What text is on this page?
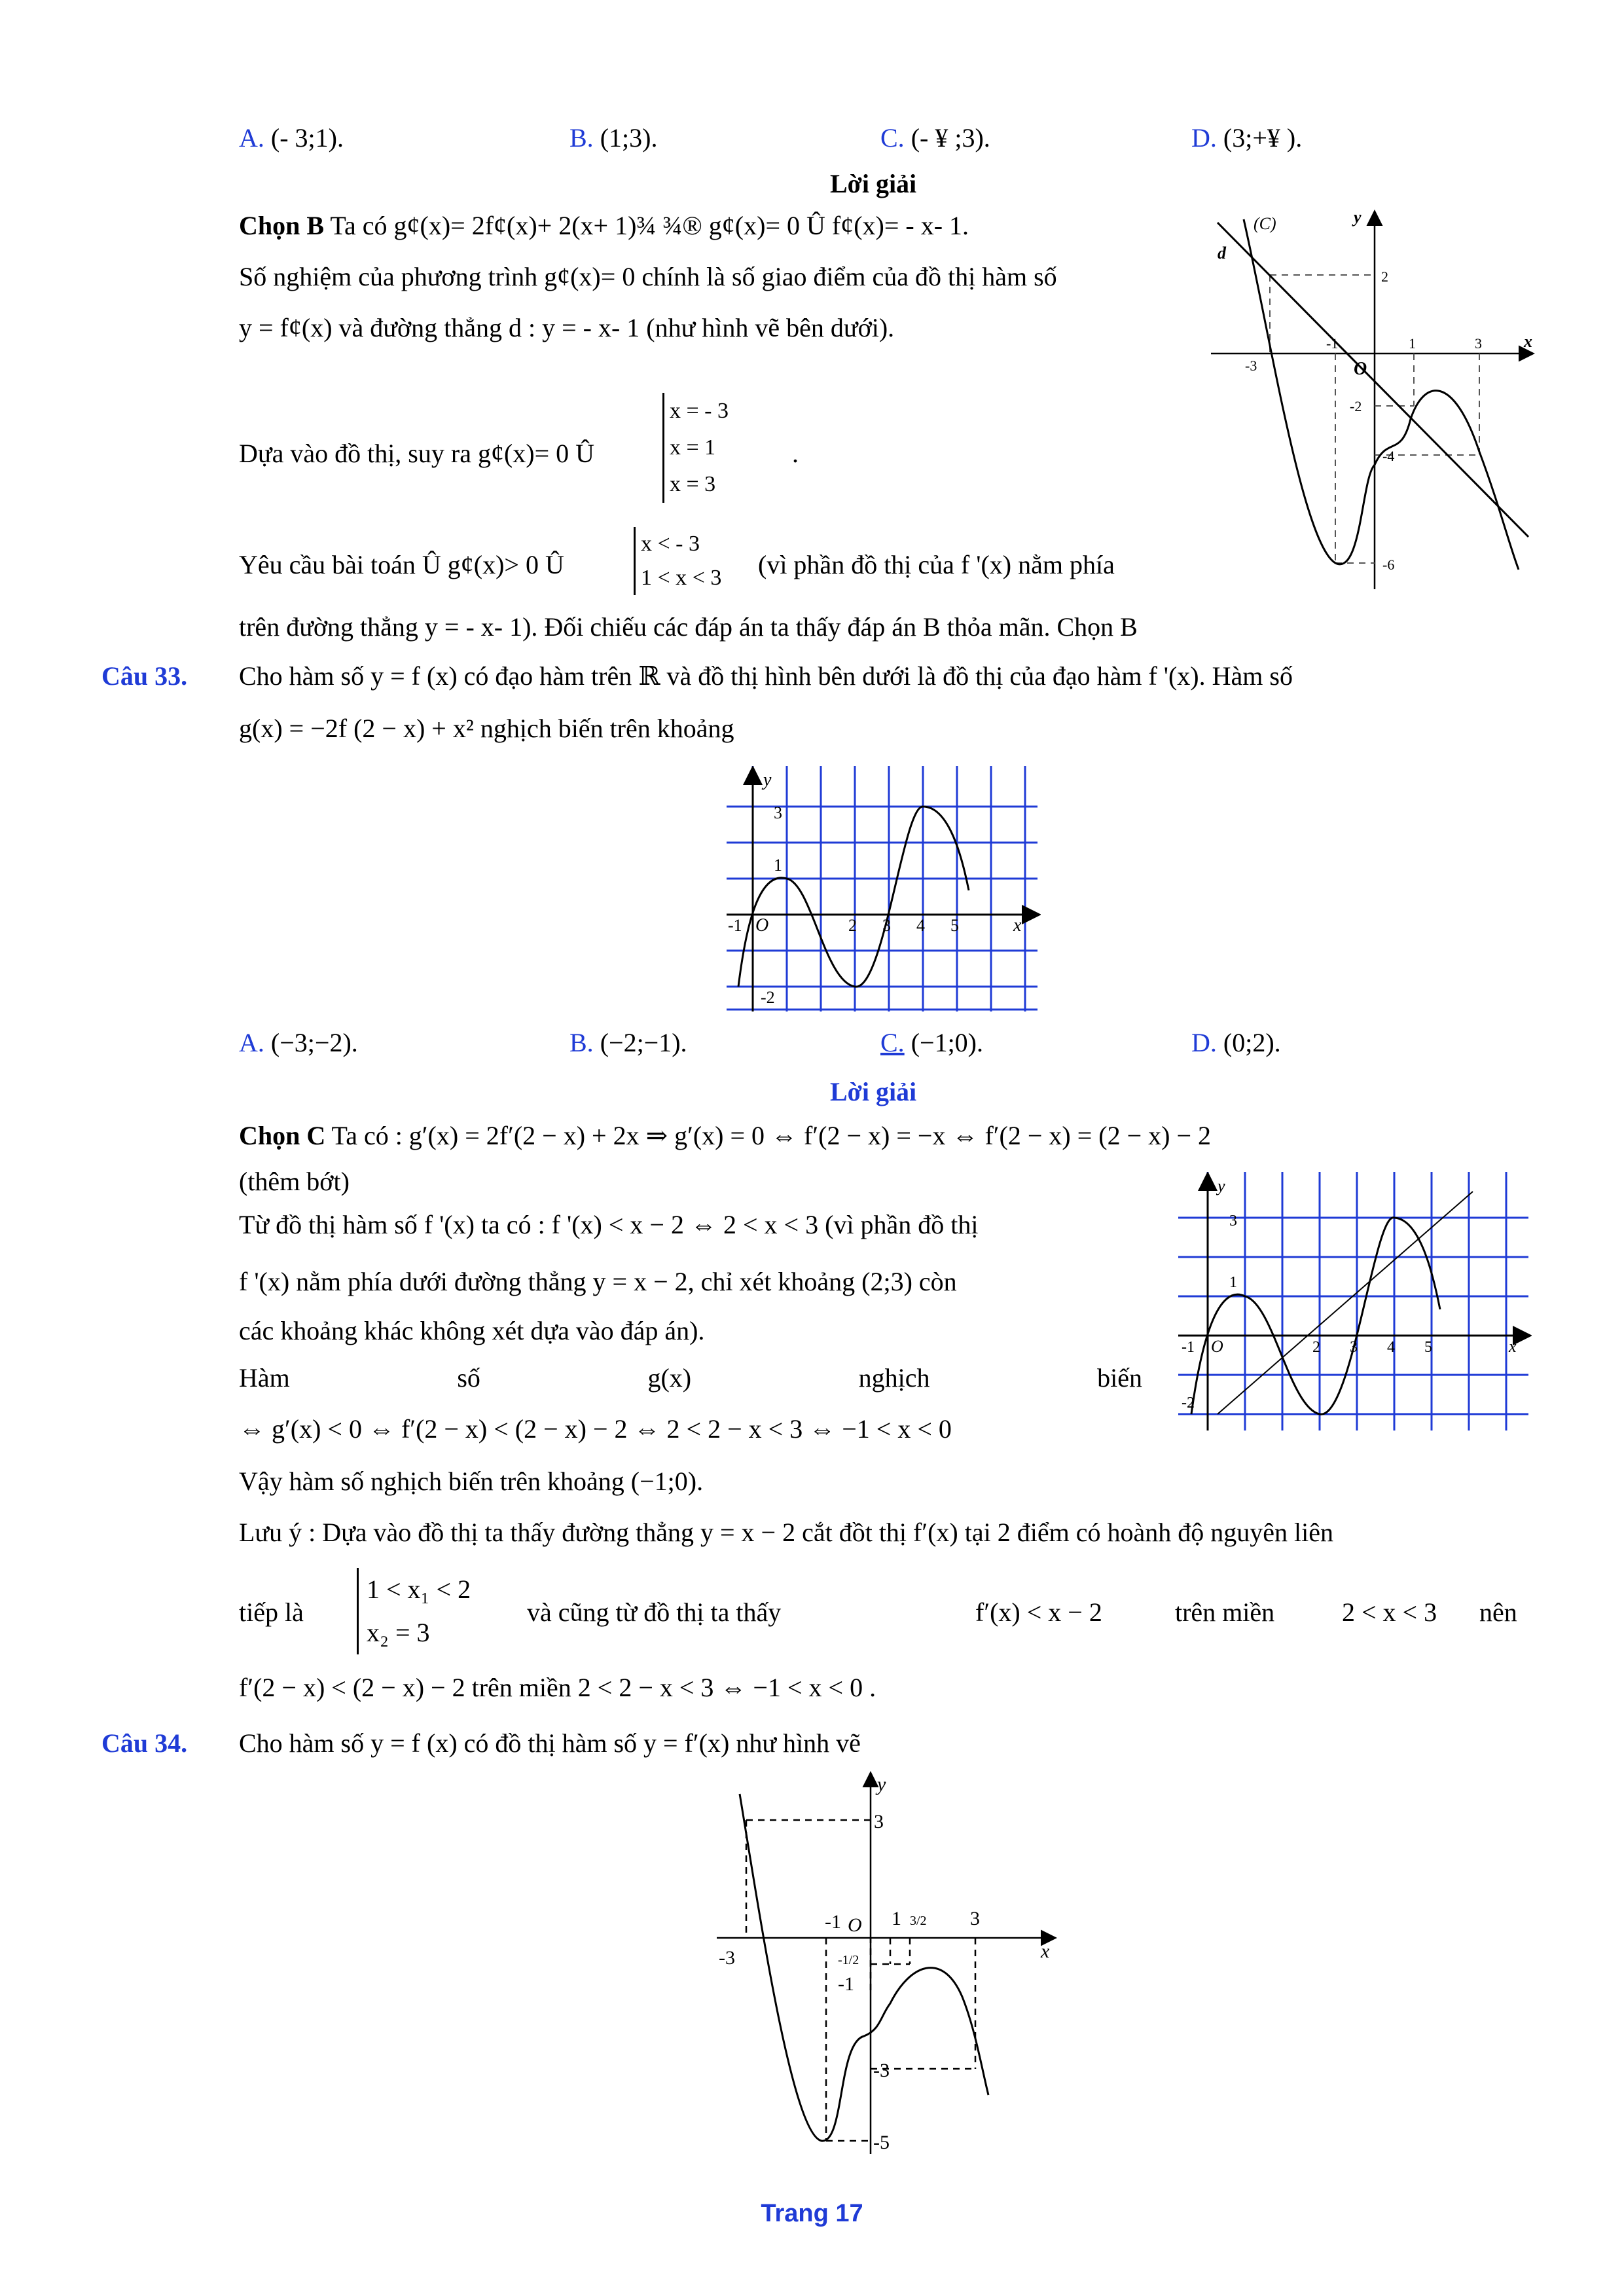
A. (- 3;1).	B. (1;3).	C. (- ¥ ;3).	D. (3;+¥ ).
Lời giải
Chọn B Ta có g¢(x)= 2f¢(x)+ 2(x+ 1)¾ ¾® g¢(x)= 0 Û f¢(x)= - x- 1.
Số nghiệm của phương trình g¢(x)= 0 chính là số giao điểm của đồ thị hàm số
y = f¢(x) và đường thẳng d : y = - x- 1 (như hình vẽ bên dưới).
Dựa vào đồ thị, suy ra g¢(x)= 0 Û
x = - 3
x = 1
x = 3
.
Yêu cầu bài toán Û g¢(x)> 0 Û
x < - 3
1 < x < 3 (vì phần đồ thị của f '(x) nằm phía
trên đường thẳng y = - x- 1). Đối chiếu các đáp án ta thấy đáp án B thỏa mãn. Chọn B
(C)
d
y
x
O
2
-1	1	3
-3
-2
-4
-6
Câu 33. Cho hàm số y = f (x) có đạo hàm trên ℝ và đồ thị hình bên dưới là đồ thị của đạo hàm f '(x). Hàm số
g(x) = −2f (2 − x) + x² nghịch biến trên khoảng
y
x
O
3
1
-1	2 3 4 5
-2
A. (−3;−2).	B. (−2;−1).	C. (−1;0).	D. (0;2).
Lời giải
Chọn C Ta có : g′(x) = 2f′(2 − x) + 2x ⇒ g′(x) = 0 ⇔ f′(2 − x) = −x ⇔ f′(2 − x) = (2 − x) − 2
(thêm bớt)
Từ đồ thị hàm số f '(x) ta có : f '(x) < x − 2 ⇔ 2 < x < 3 (vì phần đồ thị
f '(x) nằm phía dưới đường thẳng y = x − 2, chỉ xét khoảng (2;3) còn
các khoảng khác không xét dựa vào đáp án).
Hàm	số	g(x)	nghịch	biến
⇔ g′(x) < 0 ⇔ f′(2 − x) < (2 − x) − 2 ⇔ 2 < 2 − x < 3 ⇔ −1 < x < 0
Vậy hàm số nghịch biến trên khoảng (−1;0).
y
x
O
3
1
-1	2 3 4 5
-2
Lưu ý : Dựa vào đồ thị ta thấy đường thẳng y = x − 2 cắt đồt thị f′(x) tại 2 điểm có hoành độ nguyên liên
tiếp là
1 < x₁ < 2
x₂ = 3
và cũng từ đồ thị ta thấy	f′(x) < x − 2	trên miền	2 < x < 3 nên
f′(2 − x) < (2 − x) − 2 trên miền 2 < 2 − x < 3 ⇔ −1 < x < 0 .
Câu 34. Cho hàm số y = f (x) có đồ thị hàm số y = f′(x) như hình vẽ
y
x
3
-1 O 1 3/2 3
-3	-1/2
-1
-3
-5
Trang 17
